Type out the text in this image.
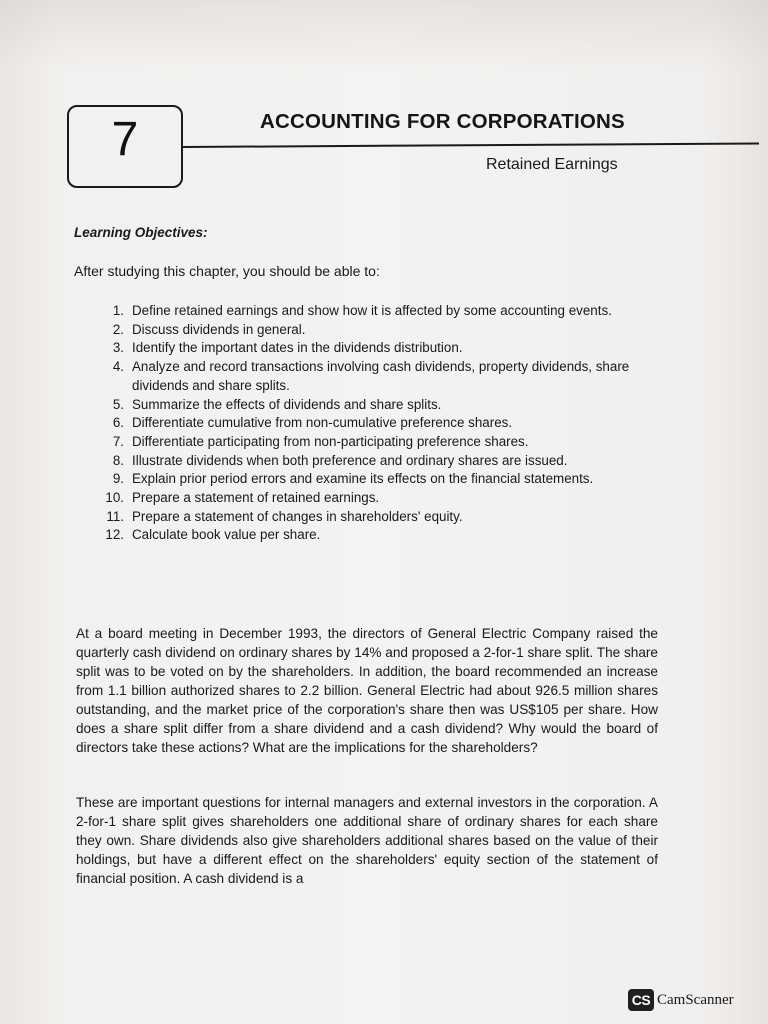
7	ACCOUNTING FOR CORPORATIONS
Retained Earnings
Learning Objectives:
After studying this chapter, you should be able to:
1. Define retained earnings and show how it is affected by some accounting events.
2. Discuss dividends in general.
3. Identify the important dates in the dividends distribution.
4. Analyze and record transactions involving cash dividends, property dividends, share dividends and share splits.
5. Summarize the effects of dividends and share splits.
6. Differentiate cumulative from non-cumulative preference shares.
7. Differentiate participating from non-participating preference shares.
8. Illustrate dividends when both preference and ordinary shares are issued.
9. Explain prior period errors and examine its effects on the financial statements.
10. Prepare a statement of retained earnings.
11. Prepare a statement of changes in shareholders' equity.
12. Calculate book value per share.

At a board meeting in December 1993, the directors of General Electric Company raised the quarterly cash dividend on ordinary shares by 14% and proposed a 2-for-1 share split. The share split was to be voted on by the shareholders. In addition, the board recommended an increase from 1.1 billion authorized shares to 2.2 billion. General Electric had about 926.5 million shares outstanding, and the market price of the corporation's share then was US$105 per share. How does a share split differ from a share dividend and a cash dividend? Why would the board of directors take these actions? What are the implications for the shareholders?

These are important questions for internal managers and external investors in the corporation. A 2-for-1 share split gives shareholders one additional share of ordinary shares for each share they own. Share dividends also give shareholders additional shares based on the value of their holdings, but have a different effect on the shareholders' equity section of the statement of financial position. A cash dividend is a

CS CamScanner
